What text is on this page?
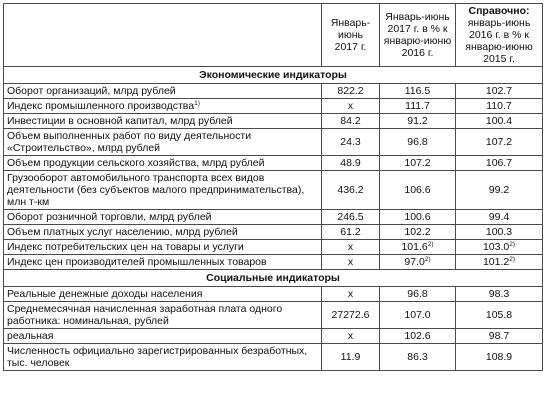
	Январь-июнь 2017 г.	Январь-июнь 2017 г. в % к январю-июню 2016 г.	Справочно:
январь-июнь 2016 г. в % к январю-июню 2015 г.
Экономические индикаторы			
Оборот организаций, млрд рублей	822.2	116.5	102.7
Индекс промышленного производства$^{1)}$	x	111.7	110.7
Инвестиции в основной капитал, млрд рублей	84.2	91.2	100.4
Объем выполненных работ по виду деятельности «Строительство», млрд рублей	24.3	96.8	107.2
Объем продукции сельского хозяйства, млрд рублей	48.9	107.2	106.7
Грузооборот автомобильного транспорта всех видов деятельности (без субъектов малого предпринимательства), млн т-км	436.2	106.6	99.2
Оборот розничной торговли, млрд рублей	246.5	100.6	99.4
Объем платных услуг населению, млрд рублей	61.2	102.2	100.3
Индекс потребительских цен на товары и услуги	x	101.6$^{2)}$	103.0$^{2)}$
Индекс цен производителей промышленных товаров	x	97.0$^{2)}$	101.2$^{2)}$
Социальные индикаторы			
Реальные денежные доходы населения	x	96.8	98.3
Среднемесячная начисленная заработная плата одного работника: номинальная, рублей	27272.6	107.0	105.8
реальная	x	102.6	98.7
Численность официально зарегистрированных безработных, тыс. человек	11.9	86.3	108.9
